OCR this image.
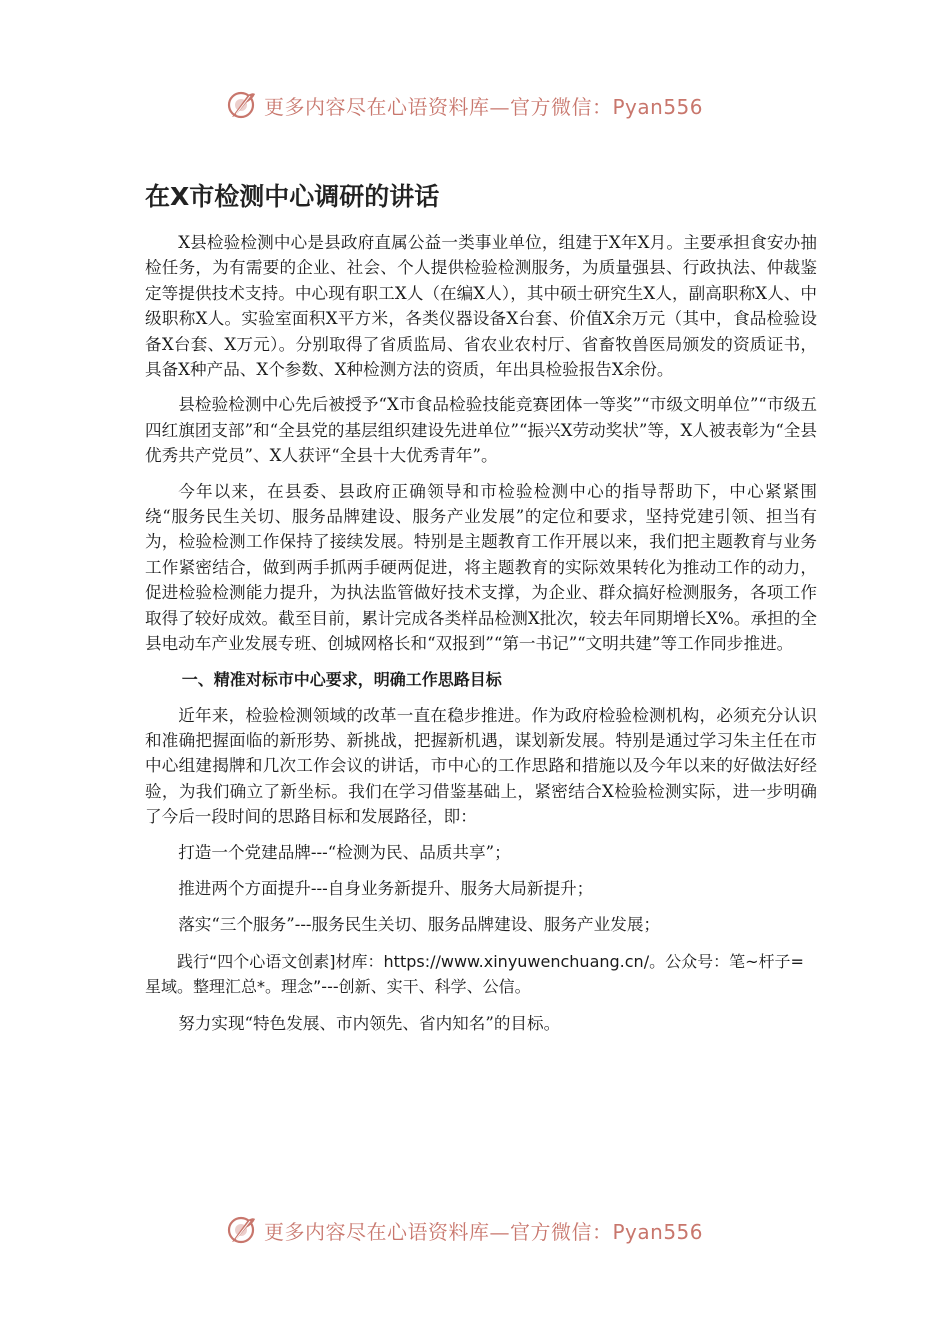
更多内容尽在心语资料库—官方微信：Pyan556
在X市检测中心调研的讲话

X县检验检测中心是县政府直属公益一类事业单位，组建于X年X月。主要承担食安办抽检任务，为有需要的企业、社会、个人提供检验检测服务，为质量强县、行政执法、仲裁鉴定等提供技术支持。中心现有职工X人（在编X人），其中硕士研究生X人，副高职称X人、中级职称X人。实验室面积X平方米，各类仪器设备X台套、价值X余万元（其中，食品检验设备X台套、X万元）。分别取得了省质监局、省农业农村厅、省畜牧兽医局颁发的资质证书，具备X种产品、X个参数、X种检测方法的资质，年出具检验报告X余份。

县检验检测中心先后被授予“X市食品检验技能竞赛团体一等奖”“市级文明单位”“市级五四红旗团支部”和“全县党的基层组织建设先进单位”“振兴X劳动奖状”等，X人被表彰为“全县优秀共产党员”、X人获评“全县十大优秀青年”。

今年以来，在县委、县政府正确领导和市检验检测中心的指导帮助下，中心紧紧围绕“服务民生关切、服务品牌建设、服务产业发展”的定位和要求，坚持党建引领、担当有为，检验检测工作保持了接续发展。特别是主题教育工作开展以来，我们把主题教育与业务工作紧密结合，做到两手抓两手硬两促进，将主题教育的实际效果转化为推动工作的动力，促进检验检测能力提升，为执法监管做好技术支撑，为企业、群众搞好检测服务，各项工作取得了较好成效。截至目前，累计完成各类样品检测X批次，较去年同期增长X%。承担的全县电动车产业发展专班、创城网格长和“双报到”“第一书记”“文明共建”等工作同步推进。

一、精准对标市中心要求，明确工作思路目标

近年来，检验检测领域的改革一直在稳步推进。作为政府检验检测机构，必须充分认识和准确把握面临的新形势、新挑战，把握新机遇，谋划新发展。特别是通过学习朱主任在市中心组建揭牌和几次工作会议的讲话，市中心的工作思路和措施以及今年以来的好做法好经验，为我们确立了新坐标。我们在学习借鉴基础上，紧密结合X检验检测实际，进一步明确了今后一段时间的思路目标和发展路径，即：

打造一个党建品牌---“检测为民、品质共享”；

推进两个方面提升---自身业务新提升、服务大局新提升；

落实“三个服务”---服务民生关切、服务品牌建设、服务产业发展；

践行“四个心语文创素]材库：https://www.xinyuwenchuang.cn/。公众号：笔~杆子=星域。整理汇总*。理念”---创新、实干、科学、公信。

努力实现“特色发展、市内领先、省内知名”的目标。

更多内容尽在心语资料库—官方微信：Pyan556
